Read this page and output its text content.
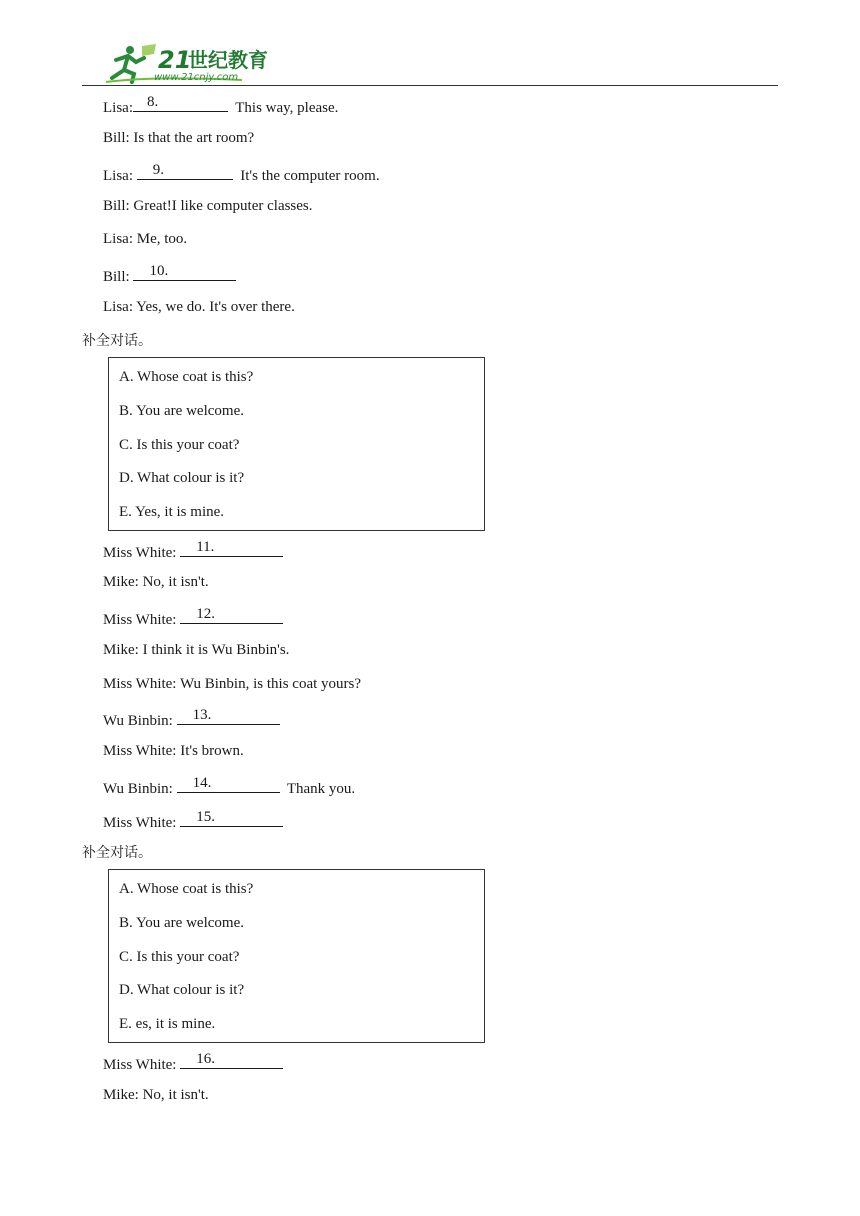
21
世纪教育
www.21cnjy.com
Lisa: 8.	This way, please.
Bill: Is that the art room?
Lisa: 9.	It's the computer room.
Bill: Great!I like computer classes.
Lisa: Me, too.
Bill: 10.
Lisa: Yes, we do. It's over there.
补全对话。
A. Whose coat is this?
B. You are welcome.
C. Is this your coat?
D. What colour is it?
E. Yes, it is mine.
Miss White: 11.
Mike: No, it isn't.
Miss White: 12.
Mike: I think it is Wu Binbin's.
Miss White: Wu Binbin, is this coat yours?
Wu Binbin: 13.
Miss White: It's brown.
Wu Binbin: 14.	Thank you.
Miss White: 15.
补全对话。
A. Whose coat is this?
B. You are welcome.
C. Is this your coat?
D. What colour is it?
E. es, it is mine.
Miss White: 16.
Mike: No, it isn't.
